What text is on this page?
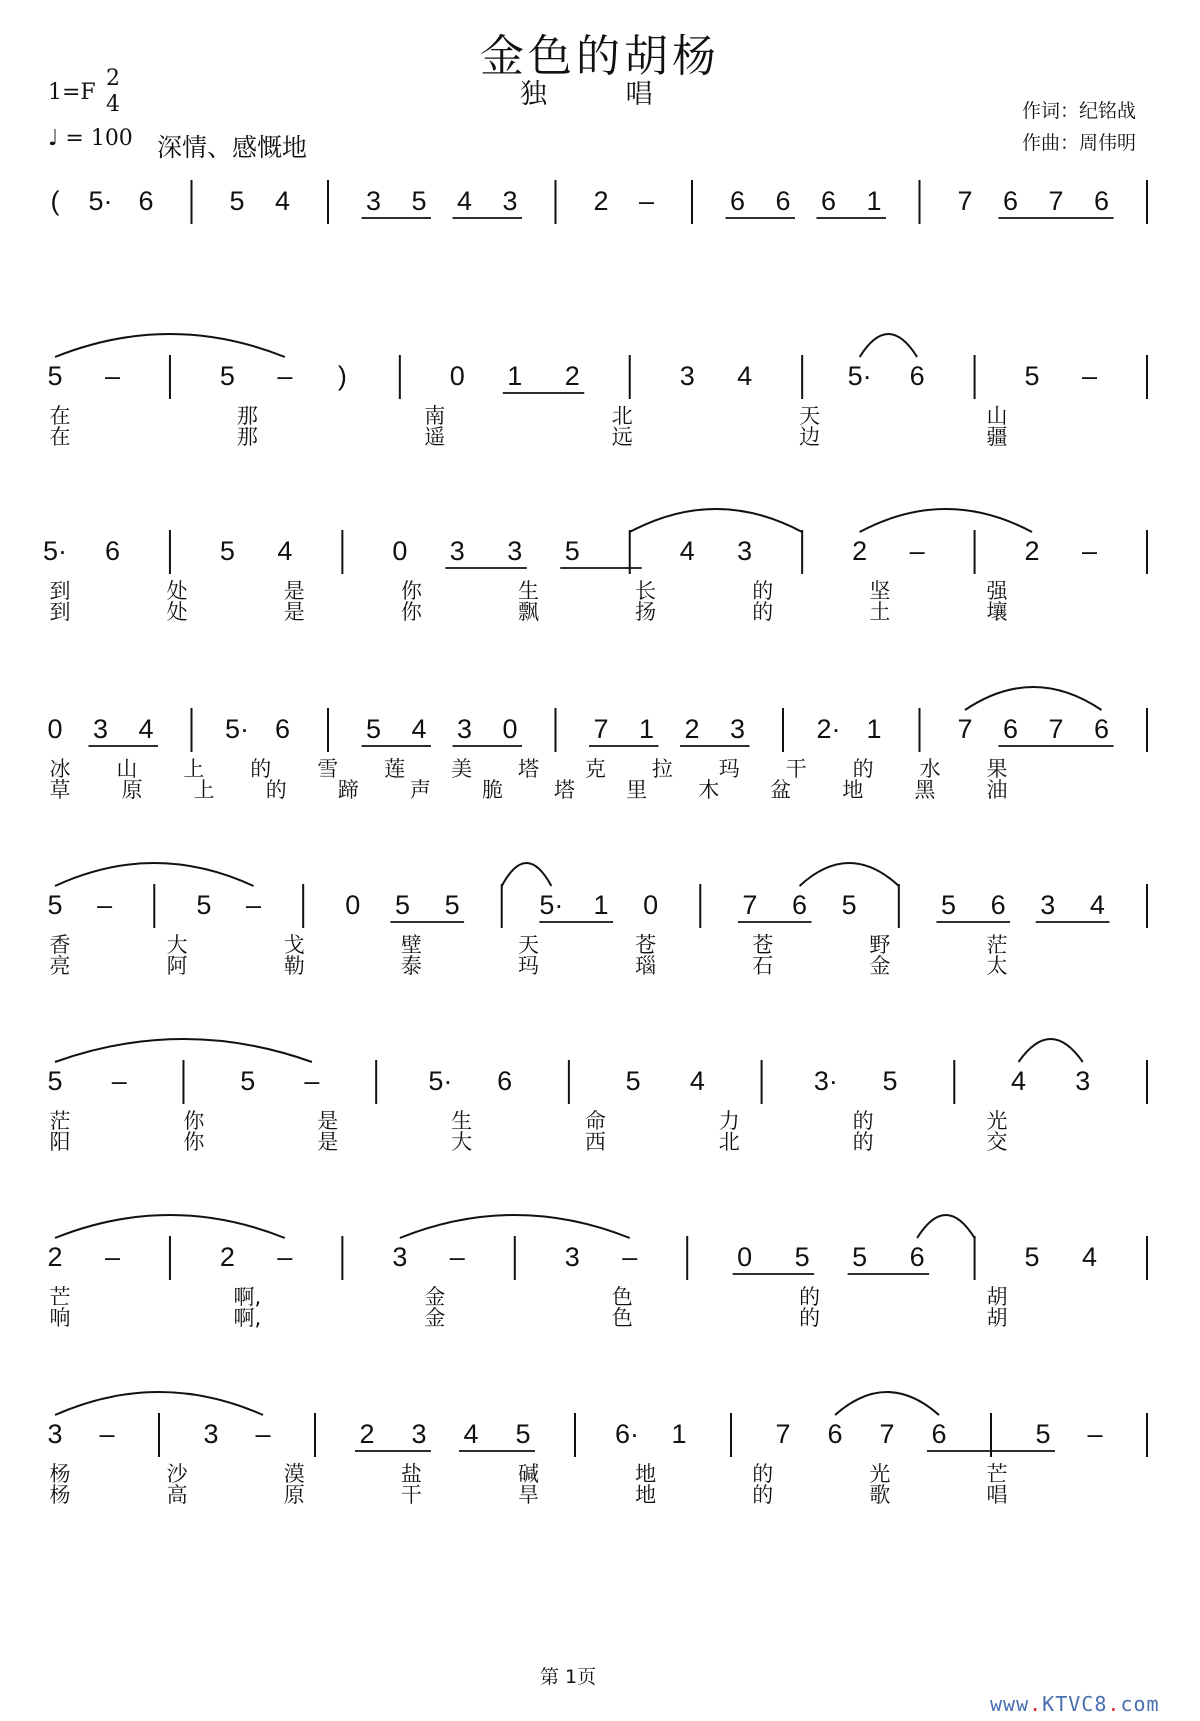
金色的胡杨
独 唱
1=F
2
4
♩ = 100 深情、感慨地
作词：纪铭战
作曲：周伟明
( 5· 6	5 4	3 5 4 3	2 –	6 6 6 1	7 6 7 6
5 –	5 – )	0 1 2	3 4	5· 6	5 –
在	那	南	北	天	山
在	那	遥	远	边	疆
5· 6	5 4	0 3 3 5	4 3	2 –	2 –
到	处	是	你	生	长	的	坚	强
到	处	是	你	飘	扬	的	土	壤
0 3 4	5· 6	5 4 3 0	7 1 2 3	2· 1	7 6 7 6
冰 山 上 的 雪 莲 美 塔 克 拉 玛 干 的 水 果
草 原 上 的 蹄 声 脆 塔 里 木 盆 地 黑 油
5 –	5 –	0 5 5	5· 1 0	7 6 5	5 6 3 4
香	大	戈	壁	天	苍	苍	野	茫
亮	阿	勒	泰	玛	瑙	石	金	太
5 –	5 –	5· 6	5 4	3· 5	4 3
茫	你	是	生	命	力	的	光
阳	你	是	大	西	北	的	交
2 –	2 –	3 –	3 –	0 5 5 6	5 4
芒	啊,	金	色	的	胡
响	啊,	金	色	的	胡
3 –	3 –	2 3 4 5	6· 1	7 6 7 6	5 –
杨	沙	漠	盐	碱	地	的	光	芒
杨	高	原	干	旱	地	的	歌	唱
第 1页
www.KTVC8.com
